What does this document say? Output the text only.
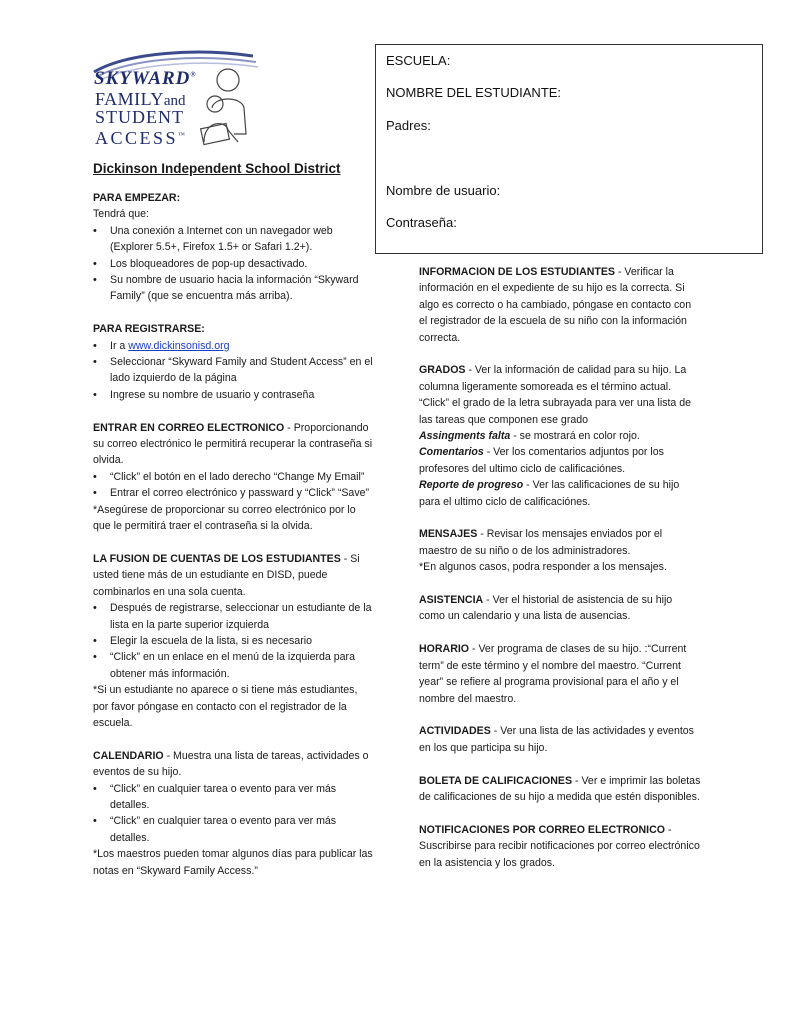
SKYWARD®
FAMILYand
STUDENT
ACCESS™
ESCUELA:
NOMBRE DEL ESTUDIANTE:
Padres:
Nombre de usuario:
Contraseña:
Dickinson Independent School District

PARA EMPEZAR:

Tendrá que:

• Una conexión a Internet con un navegador web (Explorer 5.5+, Firefox 1.5+ or Safari 1.2+).
• Los bloqueadores de pop-up desactivado.
• Su nombre de usuario hacia la información “Skyward Family” (que se encuentra más arriba).

PARA REGISTRARSE:

• Ir a www.dickinsonisd.org
• Seleccionar “Skyward Family and Student Access” en el lado izquierdo de la página
• Ingrese su nombre de usuario y contraseña

ENTRAR EN CORREO ELECTRONICO - Proporcionando su correo electrónico le permitirá recuperar la contraseña si olvida.

• “Click” el botón en el lado derecho “Change My Email”
• Entrar el correo electrónico y passward y “Click” “Save”

*Asegúrese de proporcionar su correo electrónico por lo que le permitirá traer el contraseña si la olvida.

LA FUSION DE CUENTAS DE LOS ESTUDIANTES - Si usted tiene más de un estudiante en DISD, puede combinarlos en una sola cuenta.

• Después de registrarse, seleccionar un estudiante de la lista en la parte superior izquierda
• Elegir la escuela de la lista, si es necesario
• “Click” en un enlace en el menú de la izquierda para obtener más información.

*Si un estudiante no aparece o si tiene más estudiantes, por favor póngase en contacto con el registrador de la escuela.

CALENDARIO - Muestra una lista de tareas, actividades o eventos de su hijo.

• “Click” en cualquier tarea o evento para ver más detalles.
• “Click” en cualquier tarea o evento para ver más detalles.

*Los maestros pueden tomar algunos días para publicar las notas en “Skyward Family Access.”

INFORMACION DE LOS ESTUDIANTES - Verificar la información en el expediente de su hijo es la correcta. Si algo es correcto o ha cambiado, póngase en contacto con el registrador de la escuela de su niño con la información correcta.

GRADOS - Ver la información de calidad para su hijo. La columna ligeramente somoreada es el término actual. “Click” el grado de la letra subrayada para ver una lista de las tareas que componen ese grado

Assingments falta - se mostrará en color rojo.

Comentarios - Ver los comentarios adjuntos por los profesores del ultimo ciclo de calificaciónes.

Reporte de progreso - Ver las calificaciones de su hijo para el ultimo ciclo de calificaciónes.

MENSAJES - Revisar los mensajes enviados por el maestro de su niño o de los administradores.

*En algunos casos, podra responder a los mensajes.

ASISTENCIA - Ver el historial de asistencia de su hijo como un calendario y una lista de ausencias.

HORARIO - Ver programa de clases de su hijo. :“Current term” de este término y el nombre del maestro. “Current year” se refiere al programa provisional para el año y el nombre del maestro.

ACTIVIDADES - Ver una lista de las actividades y eventos en los que participa su hijo.

BOLETA DE CALIFICACIONES - Ver e imprimir las boletas de calificaciones de su hijo a medida que estén disponibles.

NOTIFICACIONES POR CORREO ELECTRONICO - Suscribirse para recibir notificaciones por correo electrónico en la asistencia y los grados.
